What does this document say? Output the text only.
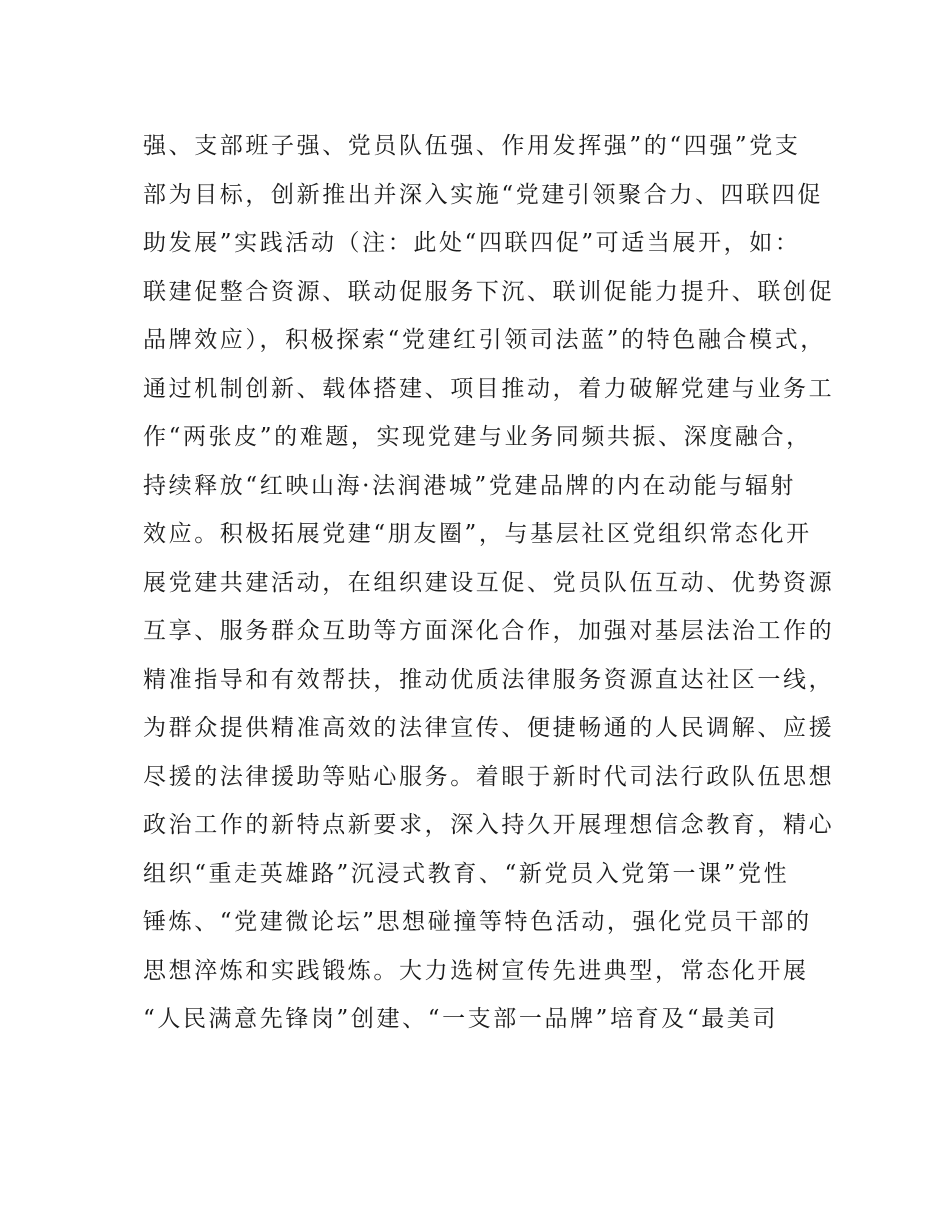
强、支部班子强、党员队伍强、作用发挥强”的“四强”党支
部为目标，创新推出并深入实施“党建引领聚合力、四联四促
助发展”实践活动（注：此处“四联四促”可适当展开，如：
联建促整合资源、联动促服务下沉、联训促能力提升、联创促
品牌效应），积极探索“党建红引领司法蓝”的特色融合模式，
通过机制创新、载体搭建、项目推动，着力破解党建与业务工
作“两张皮”的难题，实现党建与业务同频共振、深度融合，
持续释放“红映山海·法润港城”党建品牌的内在动能与辐射
效应。积极拓展党建“朋友圈”，与基层社区党组织常态化开
展党建共建活动，在组织建设互促、党员队伍互动、优势资源
互享、服务群众互助等方面深化合作，加强对基层法治工作的
精准指导和有效帮扶，推动优质法律服务资源直达社区一线，
为群众提供精准高效的法律宣传、便捷畅通的人民调解、应援
尽援的法律援助等贴心服务。着眼于新时代司法行政队伍思想
政治工作的新特点新要求，深入持久开展理想信念教育，精心
组织“重走英雄路”沉浸式教育、“新党员入党第一课”党性
锤炼、“党建微论坛”思想碰撞等特色活动，强化党员干部的
思想淬炼和实践锻炼。大力选树宣传先进典型，常态化开展
“人民满意先锋岗”创建、“一支部一品牌”培育及“最美司
